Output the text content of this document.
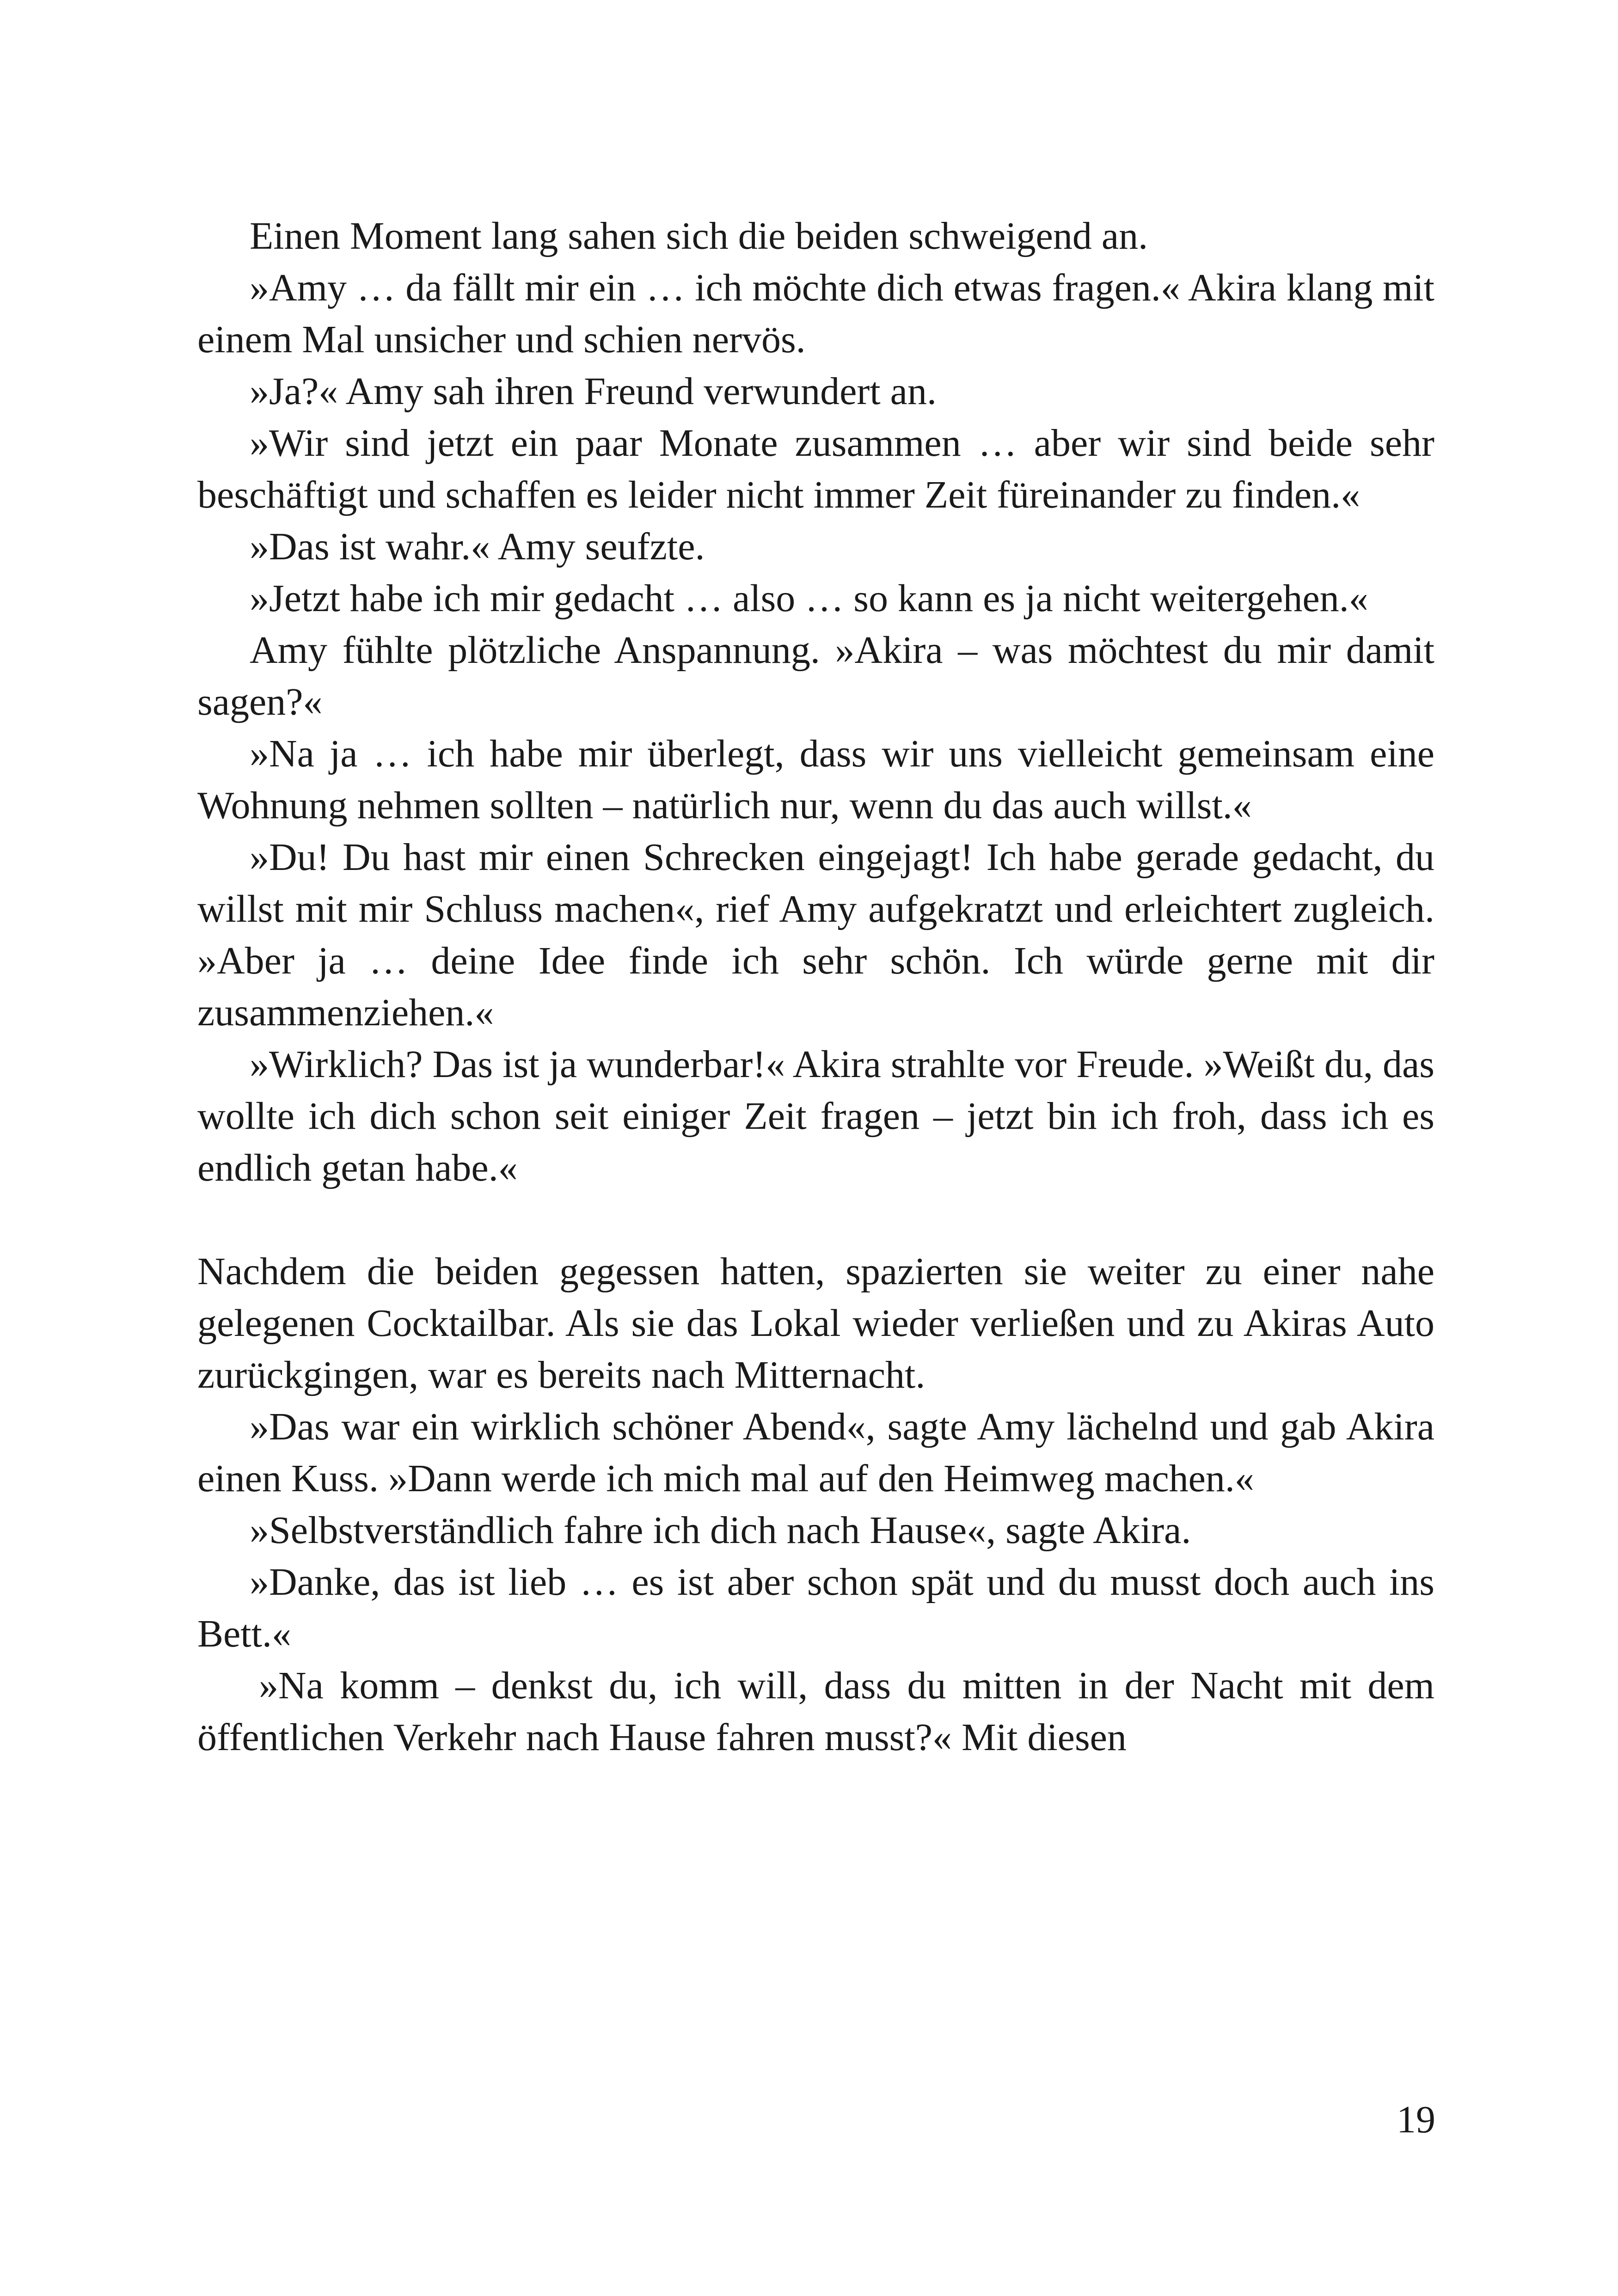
Einen Moment lang sahen sich die beiden schweigend an.

»Amy … da fällt mir ein … ich möchte dich etwas fragen.« Akira klang mit einem Mal unsicher und schien nervös.

»Ja?« Amy sah ihren Freund verwundert an.

»Wir sind jetzt ein paar Monate zusammen … aber wir sind beide sehr beschäftigt und schaffen es leider nicht immer Zeit füreinander zu finden.«

»Das ist wahr.« Amy seufzte.

»Jetzt habe ich mir gedacht … also … so kann es ja nicht weitergehen.«

Amy fühlte plötzliche Anspannung. »Akira – was möchtest du mir damit sagen?«

»Na ja … ich habe mir überlegt, dass wir uns vielleicht gemeinsam eine Wohnung nehmen sollten – natürlich nur, wenn du das auch willst.«

»Du! Du hast mir einen Schrecken eingejagt! Ich habe gerade gedacht, du willst mit mir Schluss machen«, rief Amy aufgekratzt und erleichtert zugleich. »Aber ja … deine Idee finde ich sehr schön. Ich würde gerne mit dir zusammenziehen.«

»Wirklich? Das ist ja wunderbar!« Akira strahlte vor Freude. »Weißt du, das wollte ich dich schon seit einiger Zeit fragen – jetzt bin ich froh, dass ich es endlich getan habe.«

Nachdem die beiden gegessen hatten, spazierten sie weiter zu einer nahe gelegenen Cocktailbar. Als sie das Lokal wieder verließen und zu Akiras Auto zurückgingen, war es bereits nach Mitternacht.

»Das war ein wirklich schöner Abend«, sagte Amy lächelnd und gab Akira einen Kuss. »Dann werde ich mich mal auf den Heimweg machen.«

»Selbstverständlich fahre ich dich nach Hause«, sagte Akira.

»Danke, das ist lieb … es ist aber schon spät und du musst doch auch ins Bett.«

»Na komm – denkst du, ich will, dass du mitten in der Nacht mit dem öffentlichen Verkehr nach Hause fahren musst?« Mit diesen

19
